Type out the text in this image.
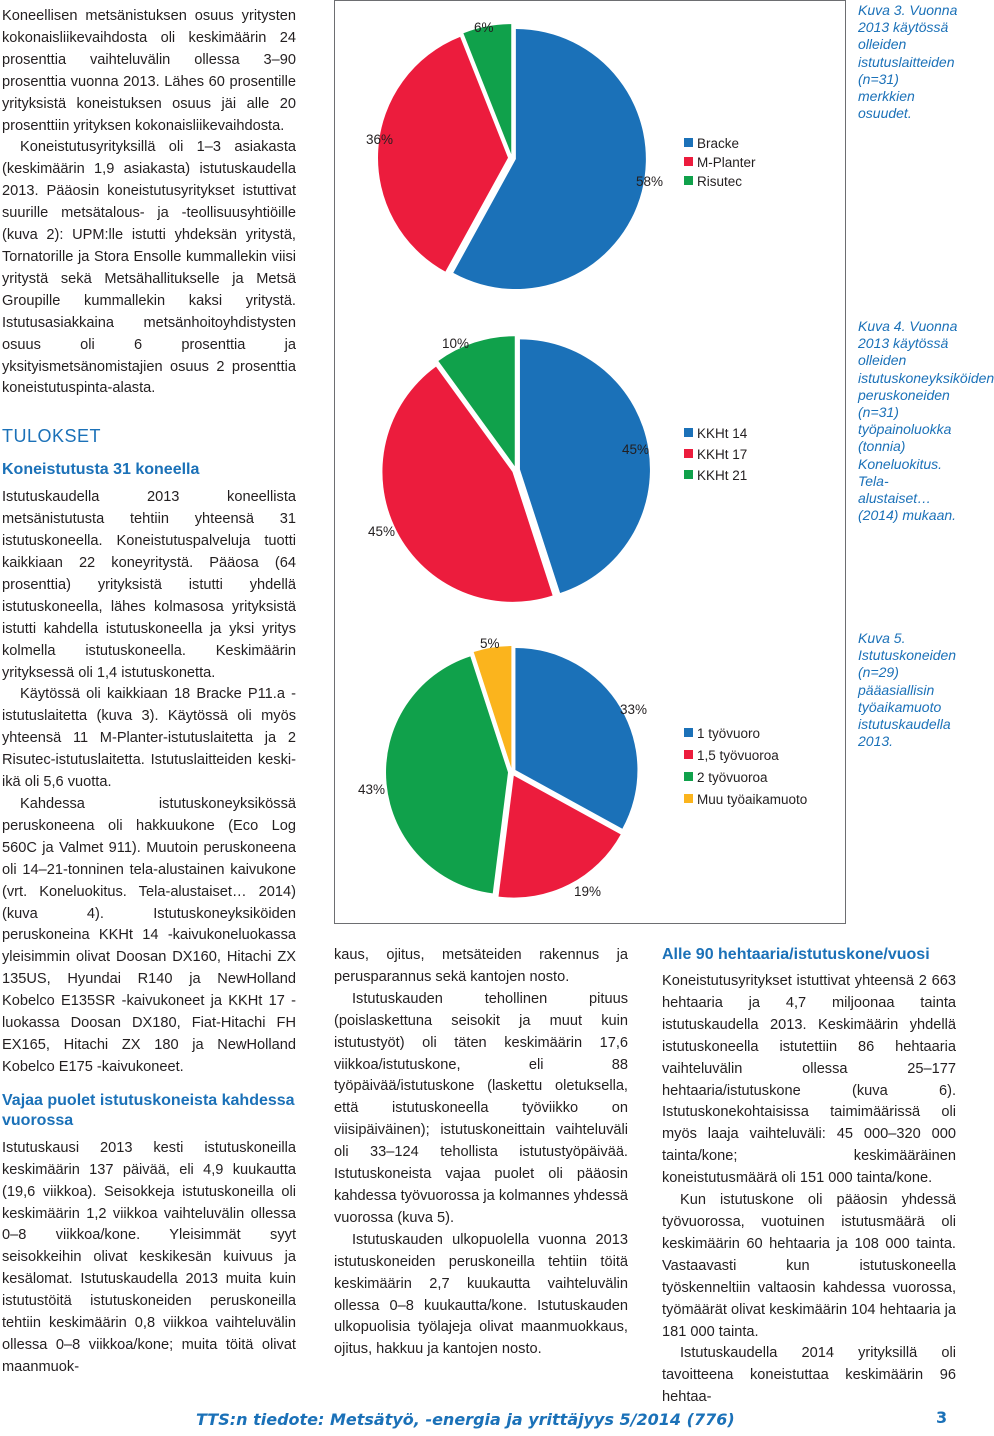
Koneellisen metsänistuksen osuus yritysten kokonaisliikevaihdosta oli keskimäärin 24 prosenttia vaihteluvälin ollessa 3–90 prosenttia vuonna 2013. Lähes 60 prosentille yrityksistä koneistuksen osuus jäi alle 20 prosenttiin yrityksen kokonaisliikevaihdosta.

Koneistutusyrityksillä oli 1–3 asiakasta (keskimäärin 1,9 asiakasta) istutuskaudella 2013. Pääosin koneistutusyritykset istuttivat suurille metsätalous- ja -teollisuusyhtiöille (kuva 2): UPM:lle istutti yhdeksän yritystä, Tornatorille ja Stora Ensolle kummallekin viisi yritystä sekä Metsähallitukselle ja Metsä Groupille kummallekin kaksi yritystä. Istutusasiakkaina metsänhoitoyhdistysten osuus oli 6 prosenttia ja yksityismetsänomistajien osuus 2 prosenttia koneistutuspinta-alasta.

TULOKSET

Koneistutusta 31 koneella

Istutuskaudella 2013 koneellista metsänistutusta tehtiin yhteensä 31 istutuskoneella. Koneistutuspalveluja tuotti kaikkiaan 22 koneyritystä. Pääosa (64 prosenttia) yrityksistä istutti yhdellä istutuskoneella, lähes kolmasosa yrityksistä istutti kahdella istutuskoneella ja yksi yritys kolmella istutuskoneella. Keskimäärin yrityksessä oli 1,4 istutuskonetta.

Käytössä oli kaikkiaan 18 Bracke P11.a -istutuslaitetta (kuva 3). Käytössä oli myös yhteensä 11 M-Planter-istutuslaitetta ja 2 Risutec-istutuslaitetta. Istutuslaitteiden keski-ikä oli 5,6 vuotta.

Kahdessa istutuskoneyksikössä peruskoneena oli hakkuukone (Eco Log 560C ja Valmet 911). Muutoin peruskoneena oli 14–21-tonninen tela-alustainen kaivukone (vrt. Koneluokitus. Tela-alustaiset… 2014) (kuva 4). Istutuskoneyksiköiden peruskoneina KKHt 14 -kaivukoneluokassa yleisimmin olivat Doosan DX160, Hitachi ZX 135US, Hyundai R140 ja NewHolland Kobelco E135SR -kaivukoneet ja KKHt 17 -luokassa Doosan DX180, Fiat-Hitachi FH EX165, Hitachi ZX 180 ja NewHolland Kobelco E175 -kaivukoneet.

Vajaa puolet istutuskoneista kahdessa vuorossa

Istutuskausi 2013 kesti istutuskoneilla keskimäärin 137 päivää, eli 4,9 kuukautta (19,6 viikkoa). Seisokkeja istutuskoneilla oli keskimäärin 1,2 viikkoa vaihteluvälin ollessa 0–8 viikkoa/kone. Yleisimmät syyt seisokkeihin olivat keskikesän kuivuus ja kesälomat. Istutuskaudella 2013 muita kuin istutustöitä istutuskoneiden peruskoneilla tehtiin keskimäärin 0,8 viikkoa vaihteluvälin ollessa 0–8 viikkoa/kone; muita töitä olivat maanmuok-

58%
Bracke
36%
M-Planter
6%
Risutec
45%
KKHt 14
45%
KKHt 17
10%
KKHt 21
33%
1 työvuoro
19%
1,5 työvuoroa
43%
2 työvuoroa
5%
Muu työaikamuoto
Kuva 3. Vuonna 2013 käytössä olleiden istutuslaitteiden (n=31) merkkien osuudet.
Kuva 4. Vuonna 2013 käytössä olleiden istutuskoneyksiköiden peruskoneiden (n=31) työpainoluokka (tonnia) Koneluokitus. Tela-alustaiset… (2014) mukaan.
Kuva 5. Istutuskoneiden (n=29) pääasiallisin työaikamuoto istutuskaudella 2013.

kaus, ojitus, metsäteiden rakennus ja perusparannus sekä kantojen nosto.

Istutuskauden tehollinen pituus (poislaskettuna seisokit ja muut kuin istutustyöt) oli täten keskimäärin 17,6 viikkoa/istutuskone, eli 88 työpäivää/istutuskone (laskettu oletuksella, että istutuskoneella työviikko on viisipäiväinen); istutuskoneittain vaihteluväli oli 33–124 tehollista istutustyöpäivää. Istutuskoneista vajaa puolet oli pääosin kahdessa työvuorossa ja kolmannes yhdessä vuorossa (kuva 5).

Istutuskauden ulkopuolella vuonna 2013 istutuskoneiden peruskoneilla tehtiin töitä keskimäärin 2,7 kuukautta vaihteluvälin ollessa 0–8 kuukautta/kone. Istutuskauden ulkopuolisia työlajeja olivat maanmuokkaus, ojitus, hakkuu ja kantojen nosto.

Alle 90 hehtaaria/istutuskone/vuosi

Koneistutusyritykset istuttivat yhteensä 2 663 hehtaaria ja 4,7 miljoonaa tainta istutuskaudella 2013. Keskimäärin yhdellä istutuskoneella istutettiin 86 hehtaaria vaihteluvälin ollessa 25–177 hehtaaria/istutuskone (kuva 6). Istutuskonekohtaisissa taimimäärissä oli myös laaja vaihteluväli: 45 000–320 000 tainta/kone; keskimääräinen koneistutusmäärä oli 151 000 tainta/kone.

Kun istutuskone oli pääosin yhdessä työvuorossa, vuotuinen istutusmäärä oli keskimäärin 60 hehtaaria ja 108 000 tainta. Vastaavasti kun istutuskoneella työskenneltiin valtaosin kahdessa vuorossa, työmäärät olivat keskimäärin 104 hehtaaria ja 181 000 tainta.

Istutuskaudella 2014 yrityksillä oli tavoitteena koneistuttaa keskimäärin 96 hehtaa-

TTS:n tiedote: Metsätyö, -energia ja yrittäjyys 5/2014 (776)	3
